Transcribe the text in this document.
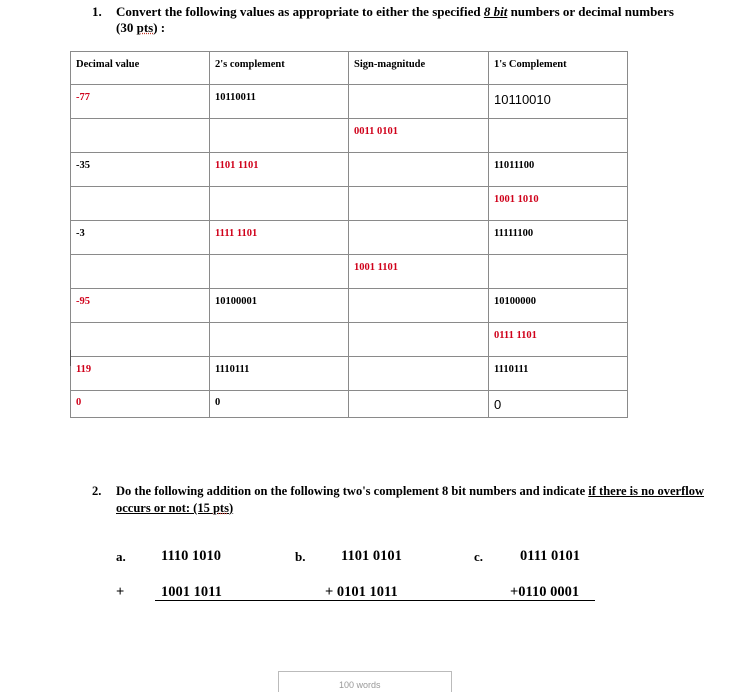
1. Convert the following values as appropriate to either the specified 8 bit numbers or decimal numbers (30 pts) :
Decimal value	2's complement	Sign-magnitude	1's Complement
-77	10110011		10110010
		0011 0101	
-35	1101 1101		11011100
			1001 1010
-3	1111 1101		11111100
		1001 1101	
-95	10100001		10100000
			0111 1101
119	1110111		1110111
0	0		0
2. Do the following addition on the following two's complement 8 bit numbers and indicate if there is no overflow occurs or not: (15 pts)
a. 1110 1010
+	1001 1011
b. 1101 0101
+ 0101 1011
c.	0111 0101
+0110 0001
100 words
